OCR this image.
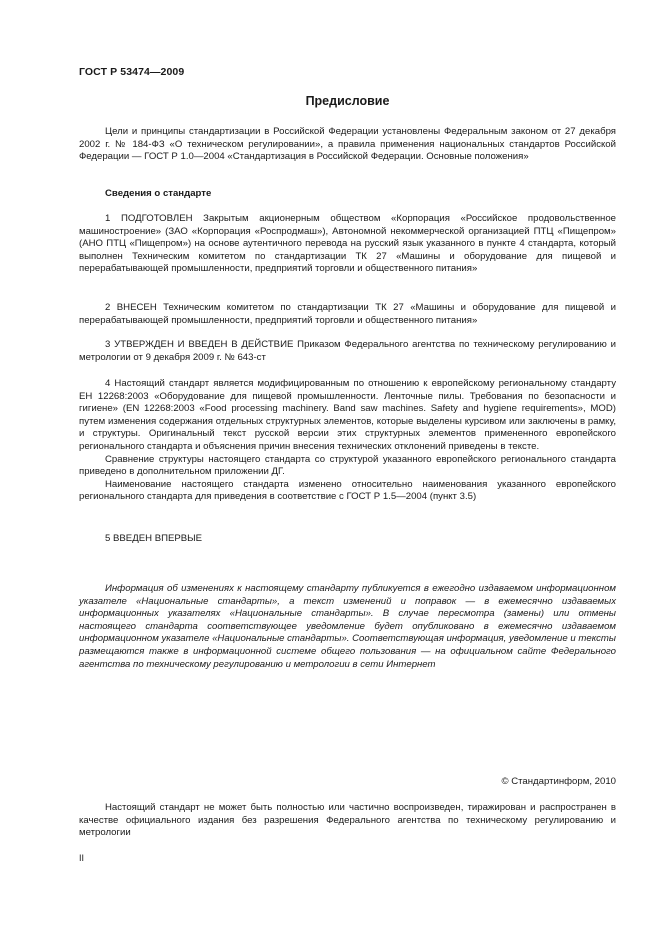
ГОСТ Р 53474—2009
Предисловие

Цели и принципы стандартизации в Российской Федерации установлены Федеральным законом от 27 декабря 2002 г. № 184-ФЗ «О техническом регулировании», а правила применения национальных стандартов Российской Федерации — ГОСТ Р 1.0—2004 «Стандартизация в Российской Федерации. Основные положения»

Сведения о стандарте

1 ПОДГОТОВЛЕН Закрытым акционерным обществом «Корпорация «Российское продовольственное машиностроение» (ЗАО «Корпорация «Роспродмаш»), Автономной некоммерческой организацией ПТЦ «Пищепром» (АНО ПТЦ «Пищепром») на основе аутентичного перевода на русский язык указанного в пункте 4 стандарта, который выполнен Техническим комитетом по стандартизации ТК 27 «Машины и оборудование для пищевой и перерабатывающей промышленности, предприятий торговли и общественного питания»

2 ВНЕСЕН Техническим комитетом по стандартизации ТК 27 «Машины и оборудование для пищевой и перерабатывающей промышленности, предприятий торговли и общественного питания»

3 УТВЕРЖДЕН И ВВЕДЕН В ДЕЙСТВИЕ Приказом Федерального агентства по техническому регулированию и метрологии от 9 декабря 2009 г. № 643-ст

4 Настоящий стандарт является модифицированным по отношению к европейскому региональному стандарту ЕН 12268:2003 «Оборудование для пищевой промышленности. Ленточные пилы. Требования по безопасности и гигиене» (EN 12268:2003 «Food processing machinery. Band saw machines. Safety and hygiene requirements», MOD) путем изменения содержания отдельных структурных элементов, которые выделены курсивом или заключены в рамку, и структуры. Оригинальный текст русской версии этих структурных элементов примененного европейского регионального стандарта и объяснения причин внесения технических отклонений приведены в тексте.

Сравнение структуры настоящего стандарта со структурой указанного европейского регионального стандарта приведено в дополнительном приложении ДГ.

Наименование настоящего стандарта изменено относительно наименования указанного европейского регионального стандарта для приведения в соответствие с ГОСТ Р 1.5—2004 (пункт 3.5)

5 ВВЕДЕН ВПЕРВЫЕ

Информация об изменениях к настоящему стандарту публикуется в ежегодно издаваемом информационном указателе «Национальные стандарты», а текст изменений и поправок — в ежемесячно издаваемых информационных указателях «Национальные стандарты». В случае пересмотра (замены) или отмены настоящего стандарта соответствующее уведомление будет опубликовано в ежемесячно издаваемом информационном указателе «Национальные стандарты». Соответствующая информация, уведомление и тексты размещаются также в информационной системе общего пользования — на официальном сайте Федерального агентства по техническому регулированию и метрологии в сети Интернет

© Стандартинформ, 2010

Настоящий стандарт не может быть полностью или частично воспроизведен, тиражирован и распространен в качестве официального издания без разрешения Федерального агентства по техническому регулированию и метрологии

II
